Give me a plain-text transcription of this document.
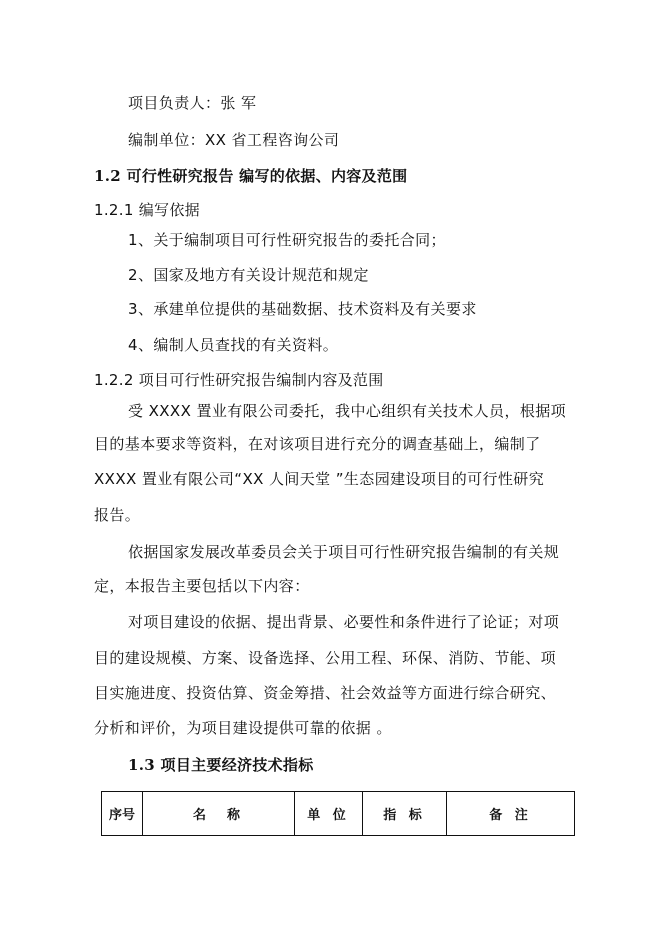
项目负责人：张 军
编制单位：XX 省工程咨询公司
1.2 可行性研究报告 编写的依据、内容及范围
1.2.1 编写依据
1、关于编制项目可行性研究报告的委托合同；
2、国家及地方有关设计规范和规定
3、承建单位提供的基础数据、技术资料及有关要求
4、编制人员查找的有关资料。
1.2.2 项目可行性研究报告编制内容及范围
受 XXXX 置业有限公司委托，我中心组织有关技术人员，根据项
目的基本要求等资料，在对该项目进行充分的调查基础上，编制了
XXXX 置业有限公司“XX 人间天堂 ”生态园建设项目的可行性研究
报告。
依据国家发展改革委员会关于项目可行性研究报告编制的有关规
定，本报告主要包括以下内容：
对项目建设的依据、提出背景、必要性和条件进行了论证；对项
目的建设规模、方案、设备选择、公用工程、环保、消防、节能、项
目实施进度、投资估算、资金筹措、社会效益等方面进行综合研究、
分析和评价，为项目建设提供可靠的依据 。
1.3 项目主要经济技术指标
序号	名  称	单 位	指 标	备 注
